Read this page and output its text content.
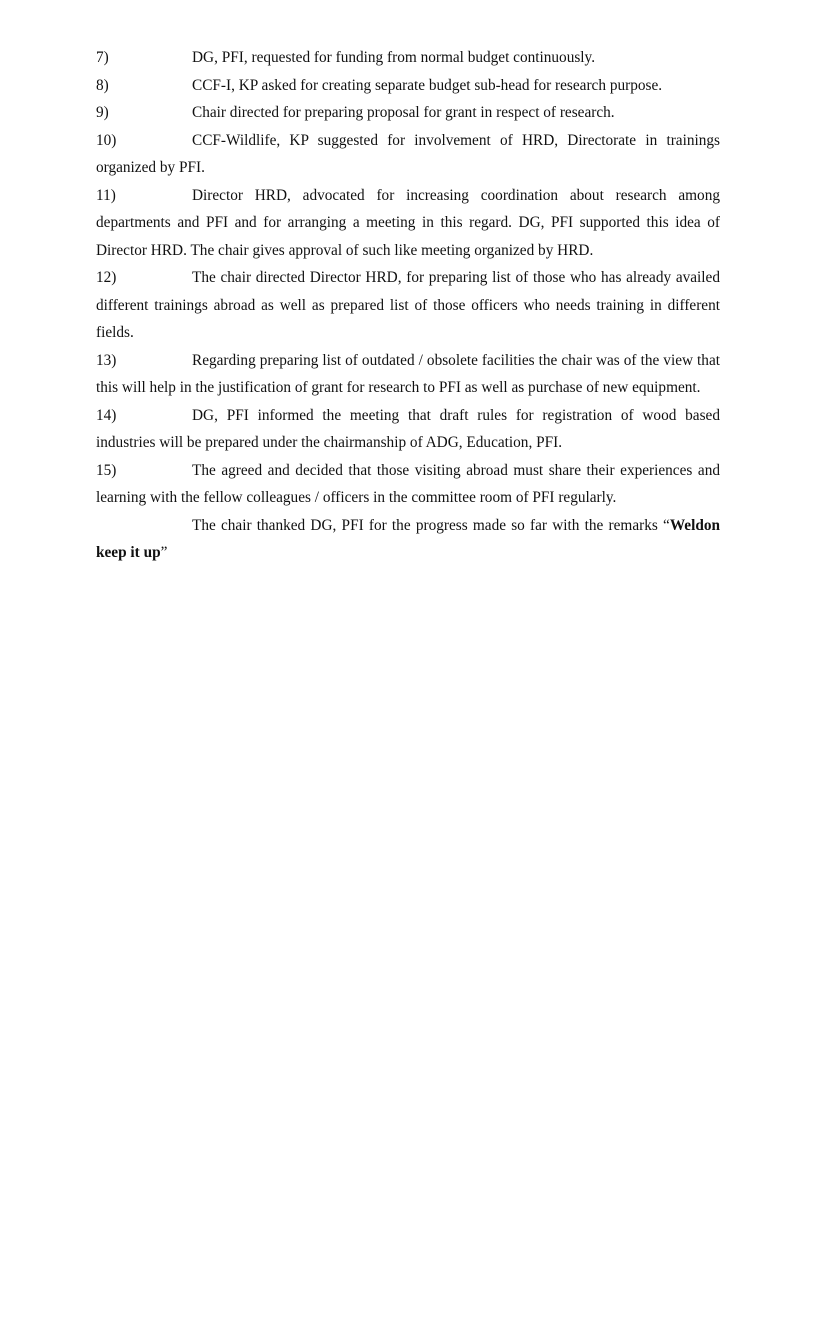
7)	DG, PFI, requested for funding from normal budget continuously.

8)	CCF-I, KP asked for creating separate budget sub-head for research purpose.

9)	Chair directed for preparing proposal for grant in respect of research.

10)	CCF-Wildlife, KP suggested for involvement of HRD, Directorate in trainings organized by PFI.

11)	Director HRD, advocated for increasing coordination about research among departments and PFI and for arranging a meeting in this regard. DG, PFI supported this idea of Director HRD. The chair gives approval of such like meeting organized by HRD.

12)	The chair directed Director HRD, for preparing list of those who has already availed different trainings abroad as well as prepared list of those officers who needs training in different fields.

13)	Regarding preparing list of outdated / obsolete facilities the chair was of the view that this will help in the justification of grant for research to PFI as well as purchase of new equipment.

14)	DG, PFI informed the meeting that draft rules for registration of wood based industries will be prepared under the chairmanship of ADG, Education, PFI.

15)	The agreed and decided that those visiting abroad must share their experiences and learning with the fellow colleagues / officers in the committee room of PFI regularly.

The chair thanked DG, PFI for the progress made so far with the remarks “Weldon keep it up”
